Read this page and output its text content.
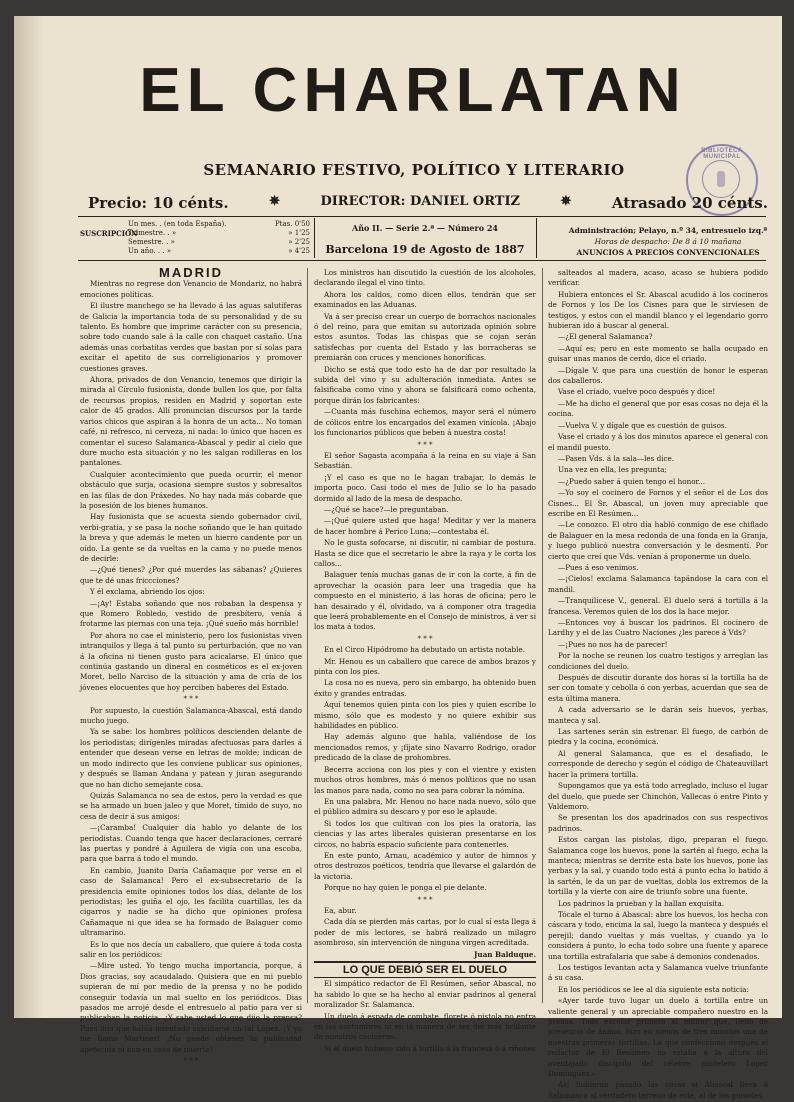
EL CHARLATAN
SEMANARIO FESTIVO, POLÍTICO Y LITERARIO
BIBLIOTECA MUNICIPAL
Precio: 10 cénts.	✵	DIRECTOR: DANIEL ORTIZ	✵	Atrasado 20 cénts.
SUSCRIPCIÓN
Un mes. . (en toda España).	Ptas. 0'50
Trimestre. . »	» 1'25
Semestre. . »	» 2'25
Un año. . . »	» 4'25
Año II. — Serie 2.ª — Número 24
Barcelona 19 de Agosto de 1887
Administración; Pelayo, n.º 34, entresuelo izq.ª
Horas de despacho: De 8 á 10 mañana
ANUNCIOS A PRECIOS CONVENCIONALES

MADRID

Mientras no regrese don Venancio de Mondariz, no habrá emociones políticas.

El ilustre manchego se ha llevado á las aguas salutíferas de Galicia la importancia toda de su personalidad y de su talento. Es hombre que imprime carácter con su presencia, sobre todo cuando sale á la calle con chaquet castaño. Una además unas corbatitas verdes que bastan por sí solas para excitar el apetito de sus correligionarios y promover cuestiones graves.

Ahora, privados de don Venancio, tenemos que dirigir la mirada al Círculo fusionista, donde bullen los que, por falta de recursos propios, residen en Madrid y soportan este calor de 45 grados. Allí pronuncian discursos por la tarde varios chicos que aspiran á la honra de un acta... No toman café, ni refresco, ni cerveza, ni nada: lo único que hacen es comentar el suceso Salamanca-Abascal y pedir al cielo que dure mucho esta situación y no les salgan rodilleras en los pantalones.

Cualquier acontecimiento que pueda ocurrir, el menor obstáculo que surja, ocasiona siempre sustos y sobresaltos en las filas de don Práxedes. No hay nada más cobarde que la posesión de los bienes humanos.

Hay fusionista que se acuesta siendo gobernador civil, verbi-gratia, y se pasa la noche soñando que le han quitado la breva y que además le meten un hierro candente por un oído. La gente se da vueltas en la cama y no puede menos de decirle:

—¿Qué tienes? ¿Por qué muerdes las sábanas? ¿Quieres que te dé unas friccciones?

Y él exclama, abriendo los ojos:

—¡Ay! Estaba soñando que nos robaban la despensa y que Romero Robledo, vestido de presbítero, venía á frotarme las piernas con una teja. ¡Qué sueño más horrible!

Por ahora no cae el ministerio, pero los fusionistas viven intranquilos y llega á tal punto su perturbación, que no van á la oficina ni tienen gusto para acicalarse. El único que continúa gastando un dineral en cosméticos es el ex-joven Moret, bello Narciso de la situación y ama de cría de los jóvenes elocuentes que hoy perciben haberes del Estado.

* * *

Por supuesto, la cuestión Salamanca-Abascal, está dando mucho juego.

Ya se sabe: los hombres políticos descienden delante de los periodistas; dirígenles miradas afectuosas para darles á entender que desean verse en letras de molde; indican de un modo indirecto que les conviene publicar sus opiniones, y después se llaman Andana y patean y juran asegurando que no han dicho semejante cosa.

Quizás Salamanca no sea de estos, pero la verdad es que se ha armado un buen jaleo y que Moret, tímido de suyo, no cesa de decir á sus amigos:

—¡Caramba! Cualquier día hablo yo delante de los periodistas. Cuando tenga que hacer declaraciones, cerraré las puertas y pondré á Aguilera de vigía con una escoba, para que barra á todo el mundo.

En cambio, Juanito Daría Cañamaque por verse en el caso de Salamanca! Pero el ex-subsecretario de la presidencia emite opiniones todos los días, delante de los periodistas; les guiña el ojo, les facilita cuartillas, les da cigarros y nadie se ha dicho que opiniones profesa Cañamaque ni que idea se ha formado de Balaguer como ultramarino.

Es lo que nos decía un caballero, que quiere á toda costa salir en los periódicos:

—Mire usted. Yo tengo mucha importancia, porque, á Dios gracias, soy acaudalado. Quisiera que en mi pueblo supieran de mí por medio de la prensa y no he podido conseguir todavía un mal suelto en los periódicos. Dias pasados me arrojé desde el entresuelo al patio para ver si publicaban la noticia. ¿Y sabe usted lo que dijo la prensa? Pues dijo que había intentado suicidarse un tal López. ¡Y yo me llamo Martínez! ¡No puede obtener la publicidad apetecida ni aun en caso de muerte!

* * *

Los ministros han discutido la cuestión de los alcoholes, declarando ilegal el vino tinto.

Ahora los caldos, como dicen ellos, tendrán que ser examinados en las Aduanas.

Va á ser preciso crear un cuerpo de borrachos nacionales ó del reino, para que emitan su autorizada opinión sobre estos asuntos. Todas las chispas que se cojan serán satisfechas por cuenta del Estado y las borracheras se premiarán con cruces y menciones honoríficas.

Dicho se está que todo esto ha de dar por resultado la subida del vino y su adulteración inmediata. Antes se falsificaba como vino y ahora se falsificará como ochenta, porque dirán los fabricantes:

—Cuanta más fuschina echemos, mayor será el número de cólicos entre los encargados del examen vinícola. ¡Abajo los funcionarios públicos que beben á nuestra costa!

* * *

El señor Sagasta acompaña á la reina en su viaje á San Sebastián.

¡Y el caso es que no le hagan trabajar, lo demás le importa poco. Casi todo el mes de Julio se lo ha pasado dormido al lado de la mesa de despacho.

—¿Qué se hace?—le preguntaban.

—¡Qué quiere usted que haga! Meditar y ver la manera de hacer hombre á Perico Luna;—contestaba él.

No le gusta sofocarse, ni discutir, ni cambiar de postura. Hasta se dice que el secretario le abre la raya y le corta los callos...

Balaguer tenía muchas ganas de ir con la corte, á fin de aprovechar la ocasión para leer una tragedia que ha compuesto en el ministerio, á las horas de oficina; pero le han desairado y él, olvidado, va á componer otra tragedia que leerá probablemente en el Consejo de ministros, á ver si los mata á todos.

* * *

En el Circo Hipódromo ha debutado un artista notable.

Mr. Henou es un caballero que carece de ambos brazos y pinta con los pies.

La cosa no es nueva, pero sin embargo, ha obtenido buen éxito y grandes entradas.

Aquí tenemos quien pinta con los pies y quien escribe lo mismo, sólo que es modesto y no quiere exhibir sus habilidades en público.

Hay además alguno que habla, valiéndose de los mencionados remos, y ¡fíjate sino Navarro Rodrigo, orador predicado de la clase de prohombres.

Becerra acciona con los pies y con el vientre y existen muchos otros hombres, más ó menos políticos que no usan las manos para nada, como no sea para cobrar la nómina.

En una palabra, Mr. Henou no hace nada nuevo, sólo que el público admira su descaro y por eso le aplaude.

Si todos los que cultivan con los pies la oratoria, las ciencias y las artes liberales quisieran presentarse en los circos, no habría espacio suficiente para contenerles.

En este punto, Arnau, académico y autor de himnos y otros destrozos poéticos, tendría que llevarse el galardón de la victoria.

Porque no hay quien le ponga el pie delante.

* * *

Ea, abur.

Cada día se pierden más cartas, por lo cual sí esta llega á poder de mis lectores, se habrá realizado un milagro asombroso, sin intervención de ninguna virgen acreditada.

Juan Balduque.

LO QUE DEBIÓ SER EL DUELO

El simpático redactor de El Resúmen, señor Abascal, no ha sabido lo que se ha hecho al enviar padrinos al general moralizador Sr. Salamanca.

Un duelo á espada de combate, florete ó pistola no entra en las costumbres ni en la manera de ser del más brillante de nuestros cocineros.

Si el duelo hubiese sido á tortilla á la francesa ó á riñones

salteados al madera, acaso, acaso se hubiera podido verificar.

Hubiera entonces el Sr. Abascal acudido á los cocineros de Fornos y los De los Cisnes para que le sirviesen de testigos, y estos con el mandil blanco y el legendario gorro hubieran ido á buscar al general.

—¿El general Salamanca?

—Aquí es; pero en este momento se halla ocupado en guisar unas manos de cerdo, dice el criado.

—Dígale V. que para una cuestión de honor le esperan dos caballeros.

Vase el criado, vuelve poco después y dice!

—Me ha dicho el general que por esas cosas no deja él la cocina.

—Vuelva V. y dígale que es cuestión de guisos.

Vase el criado y á los dos minutos aparece el general con el mandil puesto.

—Pasen Vds. á la sala—les dice.

Una vez en ella, les pregunta;

—¿Puedo saber á quien tengo el honor...

—Yo soy el cocinero de Fornos y el señor el de Los dos Cisnes... El Sr. Abascal, un joven muy apreciable que escribe en El Resúmen...

—Le conozco. El otro día habló conmigo de ese chiflado de Balaguer en la mesa redonda de una fonda en la Granja, y luego publicó nuestra conversación y le desmentí. Por cierto que creí que Vds. venían á proponerme un duelo.

—Pues á eso venimos.

—¡Cielos! exclama Salamanca tapándose la cara con el mandil.

—Tranquilícese V., general. El duelo será á tortilla á la francesa. Veremos quien de los dos la hace mejor.

—Entonces voy á buscar los padrinos. El cocinero de Lardhy y el de las Cuatro Naciones ¿les parece á Vds?

—¡Pues no nos ha de parecer!

Por la noche se reunen los cuatro testigos y arreglan las condiciones del duelo.

Después de discutir durante dos horas si la tortilla ha de ser con tomate y cebolla ó con yerbas, acuerdan que sea de esta última manera.

A cada adversario se le darán seis huevos, yerbas, manteca y sal.

Las sartenes serán sin estrenar. El fuego, de carbón de piedra y la cocina, económica.

Al general Salamanca, que es el desafiado, le corresponde de derecho y según el código de Chateauvillart hacer la primera tortilla.

Supongamos que ya está todo arreglado, incluso el lugar del duelo, que puede ser Chinchón, Vallecas ó entre Pinto y Valdemoro.

Se presentan los dos apadrinados con sus respectivos padrinos.

Estos cargan las pistolas, digo, preparan el fuego. Salamanca coge los huevos, pone la sartén al fuego, echa la manteca; mientras se derrite esta bate los huevos, pone las yerbas y la sal, y cuando todo está á punto echa lo batido á la sartén, le da un par de vueltas, dobla los extremos de la tortilla y la vierte con aire de triunfo sobre una fuente.

Los padrinos la prueban y la hallan exquisita.

Tócale el turno á Abascal: abre los huevos, los hecha con cáscara y todo, encima la sal, luego la manteca y después el perejil; dando vueltas y más vueltas, y cuando ya lo considera á punto, lo echa todo sobre una fuente y aparece una tortilla estrafalaria que sabe á demonios condenados.

Los testigos levantan acta y Salamanca vuelve triunfante á su casa.

En los periódicos se lee al día siguiente esta noticia:

«Ayer tarde tuvo lugar un duelo á tortilla entre un valiente general y un apreciable compañero nuestro en la prensa. Todo escolar primero al militar que, lleno de presencia de ánimo, hizo en menos de tres minutos una de nuestras primeras tortillas. La que confeccionó después el redactor de El Resúmen no estaba á la altura del aventajado discípulo del célebre pastelero Lopez Dominguez.»

Así hubieran pasado las cosas si Abascal lleva á Salamanca al verdadero terreno de este, al de los guisotes.
